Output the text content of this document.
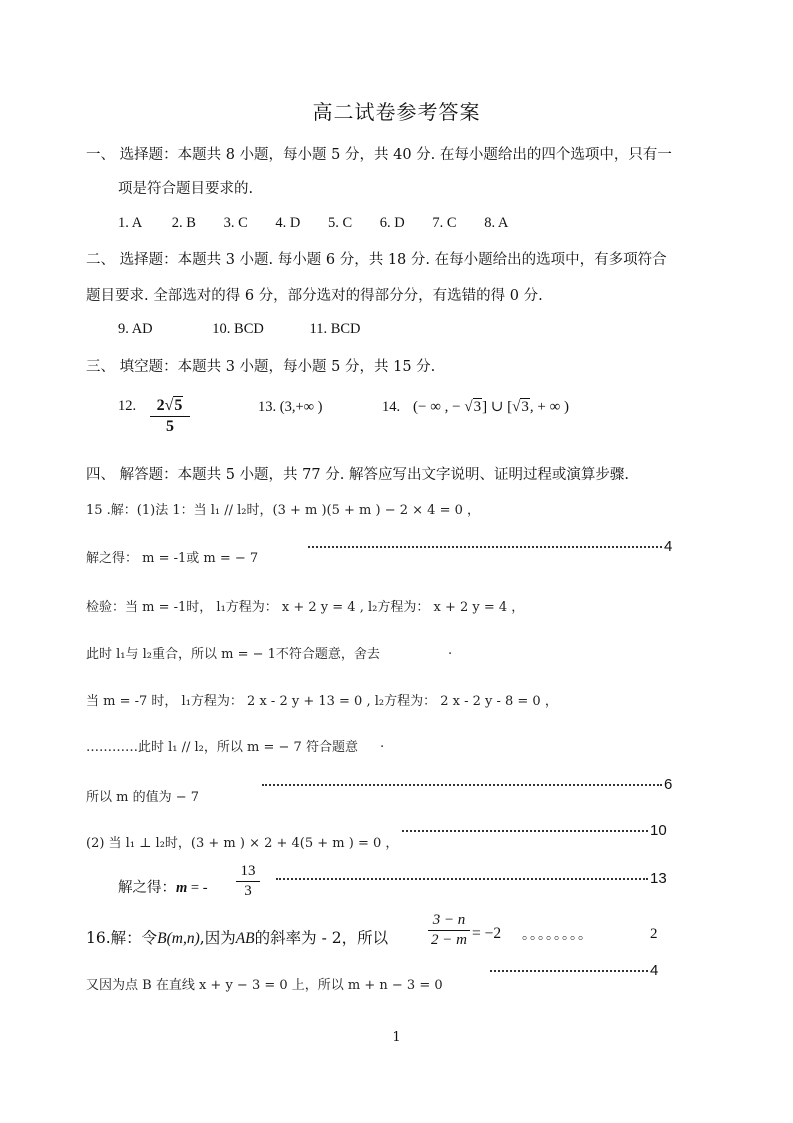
高二试卷参考答案
一、 选择题：本题共 8 小题，每小题 5 分，共 40 分. 在每小题给出的四个选项中，只有一
项是符合题目要求的.
1. A 2. B 3. C 4. D 5. C 6. D 7. C 8. A
二、 选择题：本题共 3 小题. 每小题 6 分，共 18 分. 在每小题给出的选项中，有多项符合
题目要求. 全部选对的得 6 分，部分选对的得部分分，有选错的得 0 分.
9. AD	10. BCD	11. BCD
三、 填空题：本题共 3 小题，每小题 5 分，共 15 分.
12.	2√5
5
13. (3,+∞ )	14. (− ∞ , − √3] ∪ [√3, + ∞ )
四、 解答题：本题共 5 小题，共 77 分. 解答应写出文字说明、证明过程或演算步骤.
15 .解：(1)法 1：当 l₁ // l₂时，(3 + m )(5 + m ) − 2 × 4 = 0 ，
解之得： m = -1或 m = − 7
4
检验：当 m = -1时， l₁方程为： x + 2 y = 4 , l₂方程为： x + 2 y = 4 ，
此时 l₁与 l₂重合，所以 m = − 1不符合题意，舍去	.
当 m = -7 时， l₁方程为： 2 x - 2 y + 13 = 0 , l₂方程为： 2 x - 2 y - 8 = 0 ，
…………此时 l₁ // l₂，所以 m = − 7 符合题意 .
所以 m 的值为 − 7
6
(2) 当 l₁ ⊥ l₂时，(3 + m ) × 2 + 4(5 + m ) = 0 ，
10
解之得：m = -
13
3
13
16.解：令B(m,n),因为AB的斜率为 - 2，所以
3 − n
2 − m = −2 。。。。。。。。	2
又因为点 B 在直线 x + y − 3 = 0 上，所以 m + n − 3 = 0
4
1
